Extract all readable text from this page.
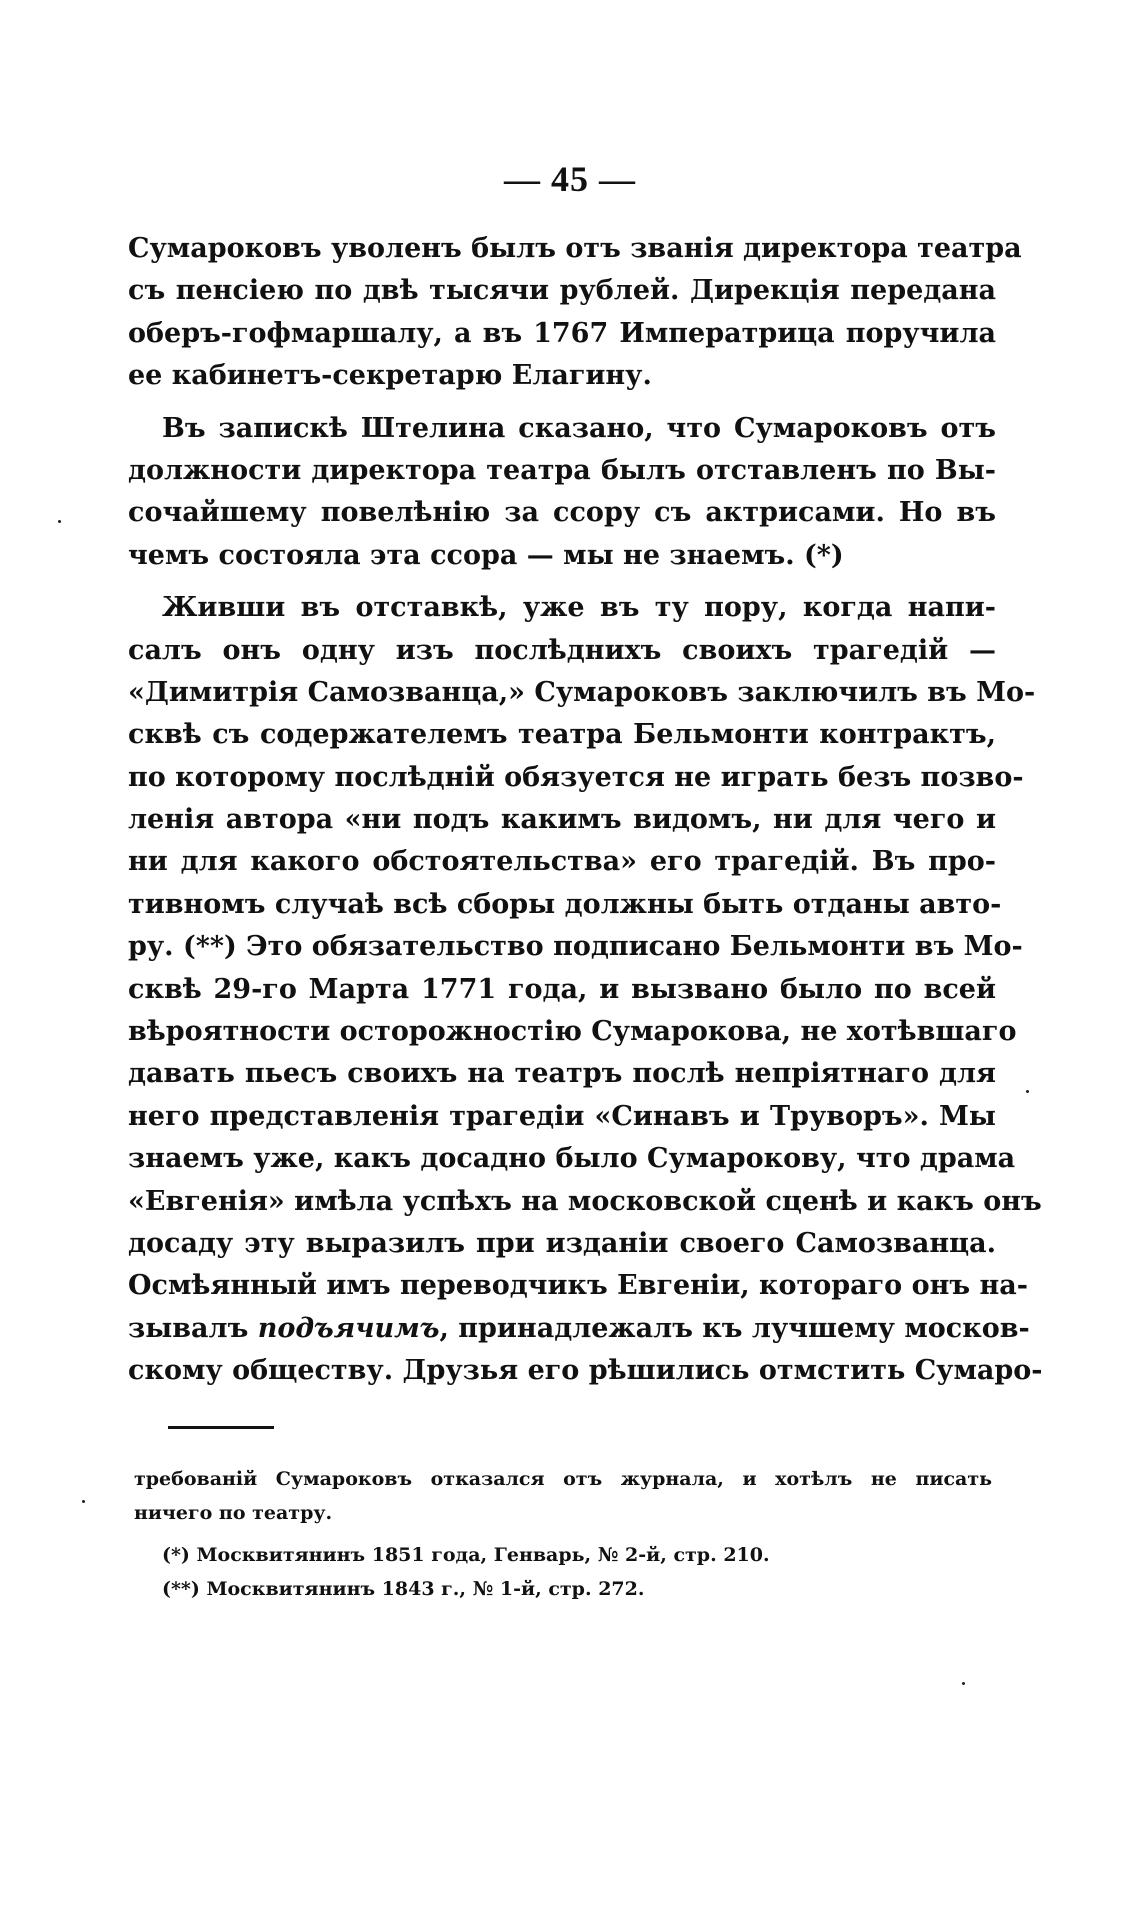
— 45 —
Сумароковъ уволенъ былъ отъ званія директора театра
съ пенсіею по двѣ тысячи рублей. Дирекція передана
оберъ-гофмаршалу, а въ 1767 Императрица поручила
ее кабинетъ-секретарю Елагину.
Въ запискѣ Штелина сказано, что Сумароковъ отъ
должности директора театра былъ отставленъ по Вы-
сочайшему повелѣнію за ссору съ актрисами. Но въ
чемъ состояла эта ссора — мы не знаемъ. (*)
Живши въ отставкѣ, уже въ ту пору, когда напи-
салъ онъ одну изъ послѣднихъ своихъ трагедій —
«Димитрія Самозванца,» Сумароковъ заключилъ въ Мо-
сквѣ съ содержателемъ театра Бельмонти контрактъ,
по которому послѣдній обязуется не играть безъ позво-
ленія автора «ни подъ какимъ видомъ, ни для чего и
ни для какого обстоятельства» его трагедій. Въ про-
тивномъ случаѣ всѣ сборы должны быть отданы авто-
ру. (**) Это обязательство подписано Бельмонти въ Мо-
сквѣ 29-го Марта 1771 года, и вызвано было по всей
вѣроятности осторожностію Сумарокова, не хотѣвшаго
давать пьесъ своихъ на театръ послѣ непріятнаго для
него представленія трагедіи «Синавъ и Труворъ». Мы
знаемъ уже, какъ досадно было Сумарокову, что драма
«Евгенія» имѣла успѣхъ на московской сценѣ и какъ онъ
досаду эту выразилъ при изданіи своего Самозванца.
Осмѣянный имъ переводчикъ Евгеніи, котораго онъ на-
зывалъ подъячимъ, принадлежалъ къ лучшему москов-
скому обществу. Друзья его рѣшились отмстить Сумаро-
требованій Сумароковъ отказался отъ журнала, и хотѣлъ не писать
ничего по театру.
(*) Москвитянинъ 1851 года, Генварь, № 2-й, стр. 210.
(**) Москвитянинъ 1843 г., № 1-й, стр. 272.
